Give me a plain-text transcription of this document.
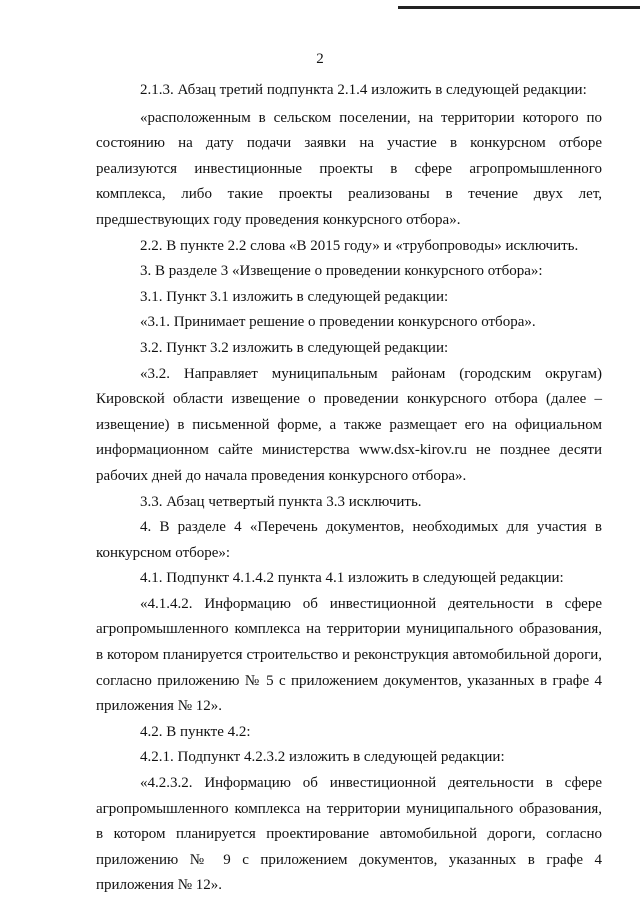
2

2.1.3. Абзац третий подпункта 2.1.4 изложить в следующей редакции:

«расположенным в сельском поселении, на территории которого по состоянию на дату подачи заявки на участие в конкурсном отборе реализуются инвестиционные проекты в сфере агропромышленного комплекса, либо такие проекты реализованы в течение двух лет, предшествующих году проведения конкурсного отбора».

2.2. В пункте 2.2 слова «В 2015 году» и «трубопроводы» исключить.

3. В разделе 3 «Извещение о проведении конкурсного отбора»:

3.1. Пункт 3.1 изложить в следующей редакции:

«3.1. Принимает решение о проведении конкурсного отбора».

3.2. Пункт 3.2 изложить в следующей редакции:

«3.2. Направляет муниципальным районам (городским округам) Кировской области извещение о проведении конкурсного отбора (далее – извещение) в письменной форме, а также размещает его на официальном информационном сайте министерства www.dsx-kirov.ru не позднее десяти рабочих дней до начала проведения конкурсного отбора».

3.3. Абзац четвертый пункта 3.3 исключить.

4. В разделе 4 «Перечень документов, необходимых для участия в конкурсном отборе»:

4.1. Подпункт 4.1.4.2 пункта 4.1 изложить в следующей редакции:

«4.1.4.2. Информацию об инвестиционной деятельности в сфере агропромышленного комплекса на территории муниципального образования, в котором планируется строительство и реконструкция автомобильной дороги, согласно приложению № 5 с приложением документов, указанных в графе 4 приложения № 12».

4.2. В пункте 4.2:

4.2.1. Подпункт 4.2.3.2 изложить в следующей редакции:

«4.2.3.2. Информацию об инвестиционной деятельности в сфере агропромышленного комплекса на территории муниципального образования, в котором планируется проектирование автомобильной дороги, согласно приложению № 9 с приложением документов, указанных в графе 4 приложения № 12».
